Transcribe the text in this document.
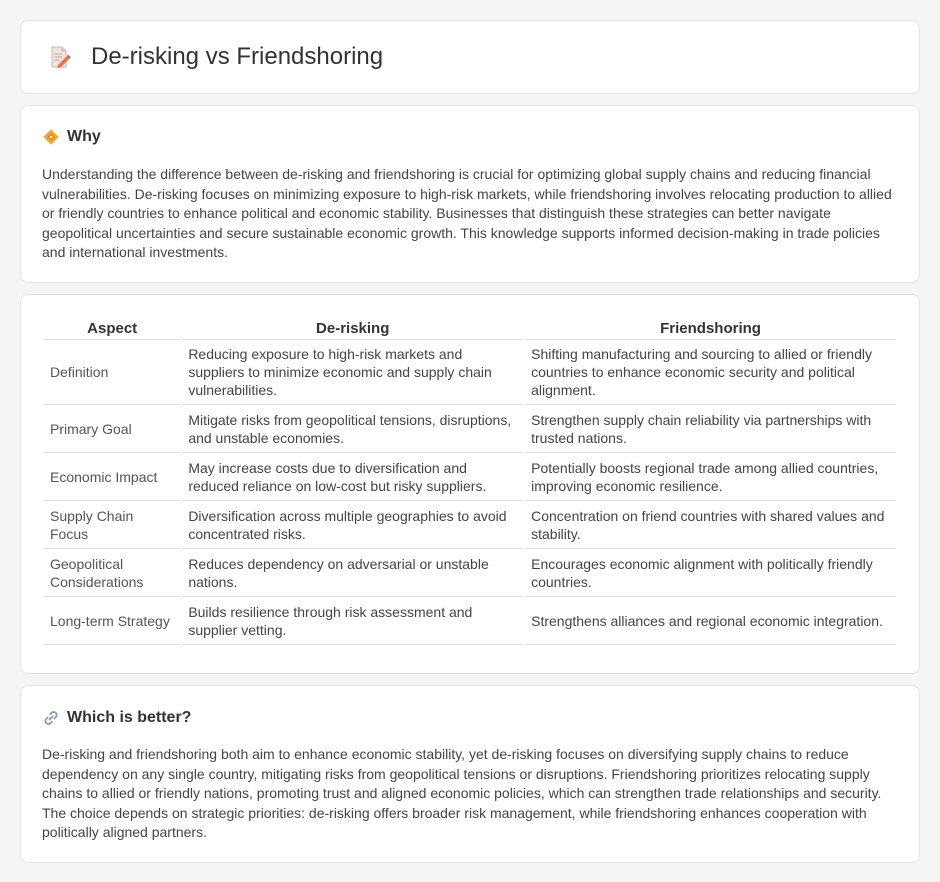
De-risking vs Friendshoring
Why

Understanding the difference between de-risking and friendshoring is crucial for optimizing global supply chains and reducing financial vulnerabilities. De-risking focuses on minimizing exposure to high-risk markets, while friendshoring involves relocating production to allied or friendly countries to enhance political and economic stability. Businesses that distinguish these strategies can better navigate geopolitical uncertainties and secure sustainable economic growth. This knowledge supports informed decision-making in trade policies and international investments.

Aspect	De-risking	Friendshoring
Definition	Reducing exposure to high-risk markets and suppliers to minimize economic and supply chain vulnerabilities.	Shifting manufacturing and sourcing to allied or friendly countries to enhance economic security and political alignment.
Primary Goal	Mitigate risks from geopolitical tensions, disruptions, and unstable economies.	Strengthen supply chain reliability via partnerships with trusted nations.
Economic Impact	May increase costs due to diversification and reduced reliance on low-cost but risky suppliers.	Potentially boosts regional trade among allied countries, improving economic resilience.
Supply Chain Focus	Diversification across multiple geographies to avoid concentrated risks.	Concentration on friend countries with shared values and stability.
Geopolitical Considerations	Reduces dependency on adversarial or unstable nations.	Encourages economic alignment with politically friendly countries.
Long-term Strategy	Builds resilience through risk assessment and supplier vetting.	Strengthens alliances and regional economic integration.
Which is better?

De-risking and friendshoring both aim to enhance economic stability, yet de-risking focuses on diversifying supply chains to reduce dependency on any single country, mitigating risks from geopolitical tensions or disruptions. Friendshoring prioritizes relocating supply chains to allied or friendly nations, promoting trust and aligned economic policies, which can strengthen trade relationships and security. The choice depends on strategic priorities: de-risking offers broader risk management, while friendshoring enhances cooperation with politically aligned partners.
